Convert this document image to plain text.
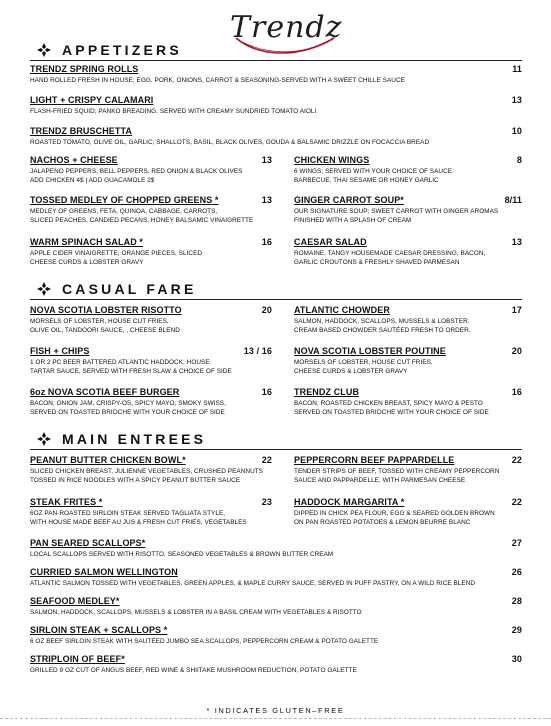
Trendz
APPETIZERS
TRENDZ SPRING ROLLS	11
HAND ROLLED FRESH IN HOUSE; EGG, PORK, ONIONS, CARROT & SEASONING-SERVED WITH A SWEET CHILLE SAUCE
LIGHT + CRISPY CALAMARI	13
FLASH-FRIED SQUID; PANKO BREADING, SERVED WITH CREAMY SUNDRIED TOMATO AIOLI
TRENDZ BRUSCHETTA	10
ROASTED TOMATO, OLIVE OIL, GARLIC, SHALLOTS, BASIL, BLACK OLIVES, GOUDA & BALSAMIC DRIZZLE ON FOCACCIA BREAD
NACHOS + CHEESE	13
JALAPENO PEPPERS, BELL PEPPERS, RED ONION & BLACK OLIVES
ADD CHICKEN 4$ | ADD GUACAMOLE 2$
CHICKEN WINGS	8
6 WINGS; SERVED WITH YOUR CHOICE OF SAUCE:
BARBECUE, THAI SESAME OR HONEY GARLIC
TOSSED MEDLEY OF CHOPPED GREENS *	13
MEDLEY OF GREENS, FETA, QUINOA, CABBAGE, CARROTS,
SLICED PEACHES, CANDIED PECANS, HONEY BALSAMIC VINAIGRETTE
GINGER CARROT SOUP*	8/11
OUR SIGNATURE SOUP; SWEET CARROT WITH GINGER AROMAS
FINISHED WITH A SPLASH OF CREAM
WARM SPINACH SALAD *	16
APPLE CIDER VINAIGRETTE; ORANGE PIECES, SLICED
CHEESE CURDS & LOBSTER GRAVY
CAESAR SALAD	13
ROMAINE, TANGY HOUSEMADE CAESAR DRESSING, BACON,
GARLIC CROUTONS & FRESHLY SHAVED PARMESAN
CASUAL FARE
NOVA SCOTIA LOBSTER RISOTTO	20
MORSELS OF LOBSTER, HOUSE CUT FRIES,
OLIVE OIL, TANDOORI SAUCE, , CHEESE BLEND
ATLANTIC CHOWDER	17
SALMON, HADDOCK, SCALLOPS, MUSSELS & LOBSTER.
CREAM BASED CHOWDER SAUTÉED FRESH TO ORDER.
FISH + CHIPS	13 / 16
1 OR 2 PC BEER BATTERED ATLANTIC HADDOCK; HOUSE
TARTAR SAUCE, SERVED WITH FRESH SLAW & CHOICE OF SIDE
NOVA SCOTIA LOBSTER POUTINE	20
MORSELS OF LOBSTER, HOUSE CUT FRIES,
CHEESE CURDS & LOBSTER GRAVY
6oz NOVA SCOTIA BEEF BURGER	16
BACON, ONION JAM, CRISPY-OS, SPICY MAYO, SMOKY SWISS,
SERVED ON TOASTED BRIOCHE WITH YOUR CHOICE OF SIDE
TRENDZ CLUB	16
BACON, ROASTED CHICKEN BREAST, SPICY MAYO & PESTO
SERVED ON TOASTED BRIOCHE WITH YOUR CHOICE OF SIDE
MAIN ENTREES
PEANUT BUTTER CHICKEN BOWL*	22
SLICED CHICKEN BREAST, JULIENNE VEGETABLES, CRUSHED PEANNUTS
TOSSED IN RICE NOODLES WITH A SPICY PEANUT BUTTER SAUCE
PEPPERCORN BEEF PAPPARDELLE	22
TENDER STRIPS OF BEEF, TOSSED WITH CREAMY PEPPERCORN
SAUCE AND PAPPARDELLE, WITH PARMESAN CHEESE
STEAK FRITES *	23
6OZ PAN-ROASTED SIRLOIN STEAK SERVED TAGLIATA STYLE,
WITH HOUSE MADE BEEF AU JUS & FRESH CUT FRIES, VEGETABLES
HADDOCK MARGARITA *	22
DIPPED IN CHICK PEA FLOUR, EGG & SEARED GOLDEN BROWN
ON PAN ROASTED POTATOES & LEMON BEURRE BLANC
PAN SEARED SCALLOPS*	27
LOCAL SCALLOPS SERVED WITH RISOTTO, SEASONED VEGETABLES & BROWN BUTTER CREAM
CURRIED SALMON WELLINGTON	26
ATLANTIC SALMON TOSSED WITH VEGETABLES, GREEN APPLES, & MAPLE CURRY SAUCE, SERVED IN PUFF PASTRY, ON A WILD RICE BLEND
SEAFOOD MEDLEY*	28
SALMON, HADDOCK, SCALLOPS, MUSSELS & LOBSTER IN A BASIL CREAM WITH VEGETABLES & RISOTTO
SIRLOIN STEAK + SCALLOPS *	29
6 OZ BEEF SIRLOIN STEAK WITH SAUTÉED JUMBO SEA SCALLOPS, PEPPERCORN CREAM & POTATO GALETTE
STRIPLOIN OF BEEF*	30
GRILLED 9 OZ CUT OF ANGUS BEEF, RED WINE & SHIITAKE MUSHROOM REDUCTION, POTATO GALETTE
* INDICATES GLUTEN–FREE
